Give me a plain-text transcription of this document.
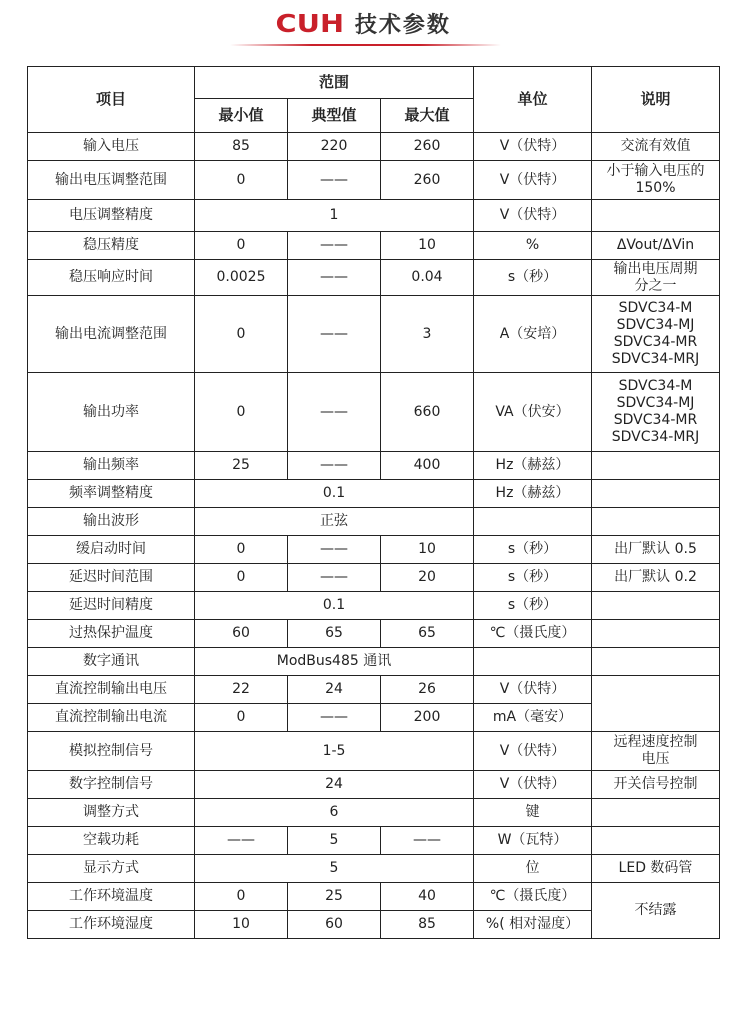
CUH 技术参数
项目	范围			单位	说明
	最小值	典型值	最大值		
输入电压	85	220	260	V（伏特）	交流有效值
输出电压调整范围	0	——	260	V（伏特）	小于输入电压的
150%
电压调整精度	1			V（伏特）	
稳压精度	0	——	10	%	ΔVout/ΔVin
稳压响应时间	0.0025	——	0.04	s（秒）	输出电压周期
分之一
输出电流调整范围	0	——	3	A（安培）	SDVC34-M
SDVC34-MJ
SDVC34-MR
SDVC34-MRJ
输出功率	0	——	660	VA（伏安）	SDVC34-M
SDVC34-MJ
SDVC34-MR
SDVC34-MRJ
输出频率	25	——	400	Hz（赫兹）	
频率调整精度	0.1			Hz（赫兹）	
输出波形	正弦				
缓启动时间	0	——	10	s（秒）	出厂默认 0.5
延迟时间范围	0	——	20	s（秒）	出厂默认 0.2
延迟时间精度	0.1			s（秒）	
过热保护温度	60	65	65	℃（摄氏度）	
数字通讯	ModBus485 通讯				
直流控制输出电压	22	24	26	V（伏特）	
直流控制输出电流	0	——	200	mA（毫安）	
模拟控制信号	1-5			V（伏特）	远程速度控制
电压
数字控制信号	24			V（伏特）	开关信号控制
调整方式	6			键	
空载功耗	——	5	——	W（瓦特）	
显示方式	5			位	LED 数码管
工作环境温度	0	25	40	℃（摄氏度）	不结露
工作环境湿度	10	60	85	%( 相对湿度）	
